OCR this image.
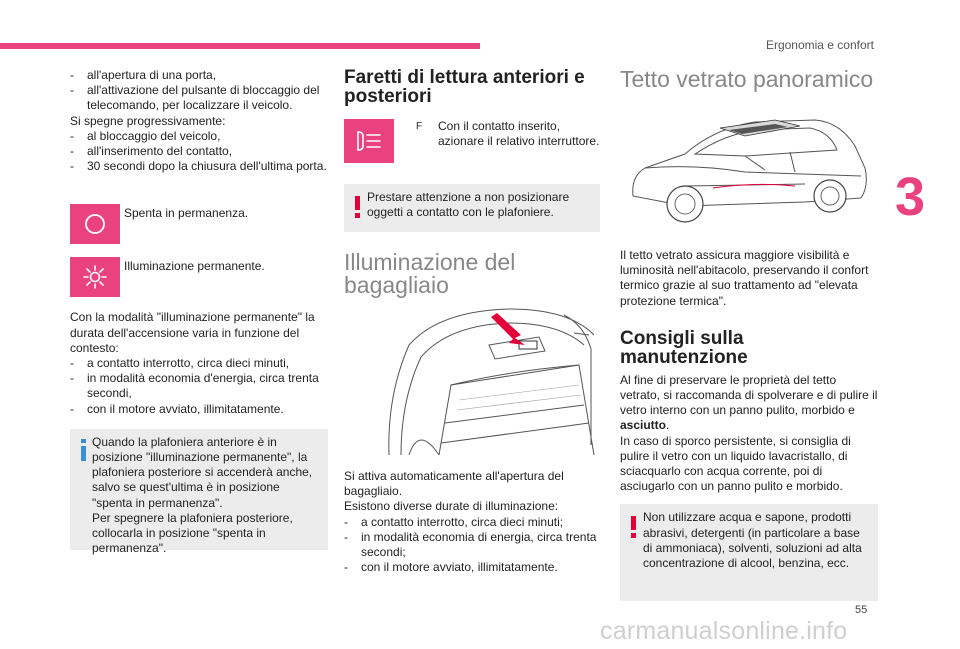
Ergonomia e confort
3
-	all'apertura di una porta,
-	all'attivazione del pulsante di bloccaggio del telecomando, per localizzare il veicolo.

Si spegne progressivamente:

-	al bloccaggio del veicolo,
-	all'inserimento del contatto,
-	30 secondi dopo la chiusura dell'ultima porta.
Spenta in permanenza.
Illuminazione permanente.

Con la modalità "illuminazione permanente" la durata dell'accensione varia in funzione del contesto:

-	a contatto interrotto, circa dieci minuti,
-	in modalità economia d'energia, circa trenta secondi,
-	con il motore avviato, illimitatamente.

Quando la plafoniera anteriore è in posizione "illuminazione permanente", la plafoniera posteriore si accenderà anche, salvo se quest'ultima è in posizione "spenta in permanenza".

Per spegnere la plafoniera posteriore, collocarla in posizione "spenta in permanenza".

Faretti di lettura anteriori e posteriori
F	Con il contatto inserito, azionare il relativo interruttore.

Prestare attenzione a non posizionare oggetti a contatto con le plafoniere.

Illuminazione del bagagliaio

Si attiva automaticamente all'apertura del bagagliaio.

Esistono diverse durate di illuminazione:

-	a contatto interrotto, circa dieci minuti;
-	in modalità economia di energia, circa trenta secondi;
-	con il motore avviato, illimitatamente.
Tetto vetrato panoramico

Il tetto vetrato assicura maggiore visibilità e luminosità nell'abitacolo, preservando il confort termico grazie al suo trattamento ad "elevata protezione termica".

Consigli sulla manutenzione

Al fine di preservare le proprietà del tetto vetrato, si raccomanda di spolverare e di pulire il vetro interno con un panno pulito, morbido e asciutto.

In caso di sporco persistente, si consiglia di pulire il vetro con un liquido lavacristallo, di sciacquarlo con acqua corrente, poi di asciugarlo con un panno pulito e morbido.

Non utilizzare acqua e sapone, prodotti abrasivi, detergenti (in particolare a base di ammoniaca), solventi, soluzioni ad alta concentrazione di alcool, benzina, ecc.

55
carmanualsonline.info
